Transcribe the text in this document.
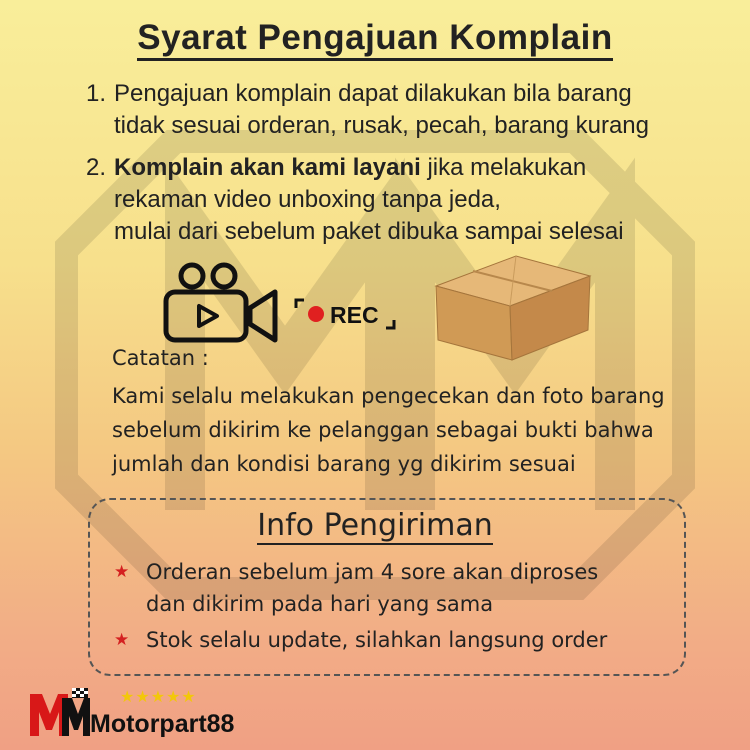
Syarat Pengajuan Komplain
1. Pengajuan komplain dapat dilakukan bila barang
tidak sesuai orderan, rusak, pecah, barang kurang
2. Komplain akan kami layani jika melakukan
rekaman video unboxing tanpa jeda,
mulai dari sebelum paket dibuka sampai selesai
REC
Catatan :
Kami selalu melakukan pengecekan dan foto barang
sebelum dikirim ke pelanggan sebagai bukti bahwa
jumlah dan kondisi barang yg dikirim sesuai
Info Pengiriman
★ Orderan sebelum jam 4 sore akan diproses
dan dikirim pada hari yang sama
★ Stok selalu update, silahkan langsung order
★★★★★
Motorpart88
